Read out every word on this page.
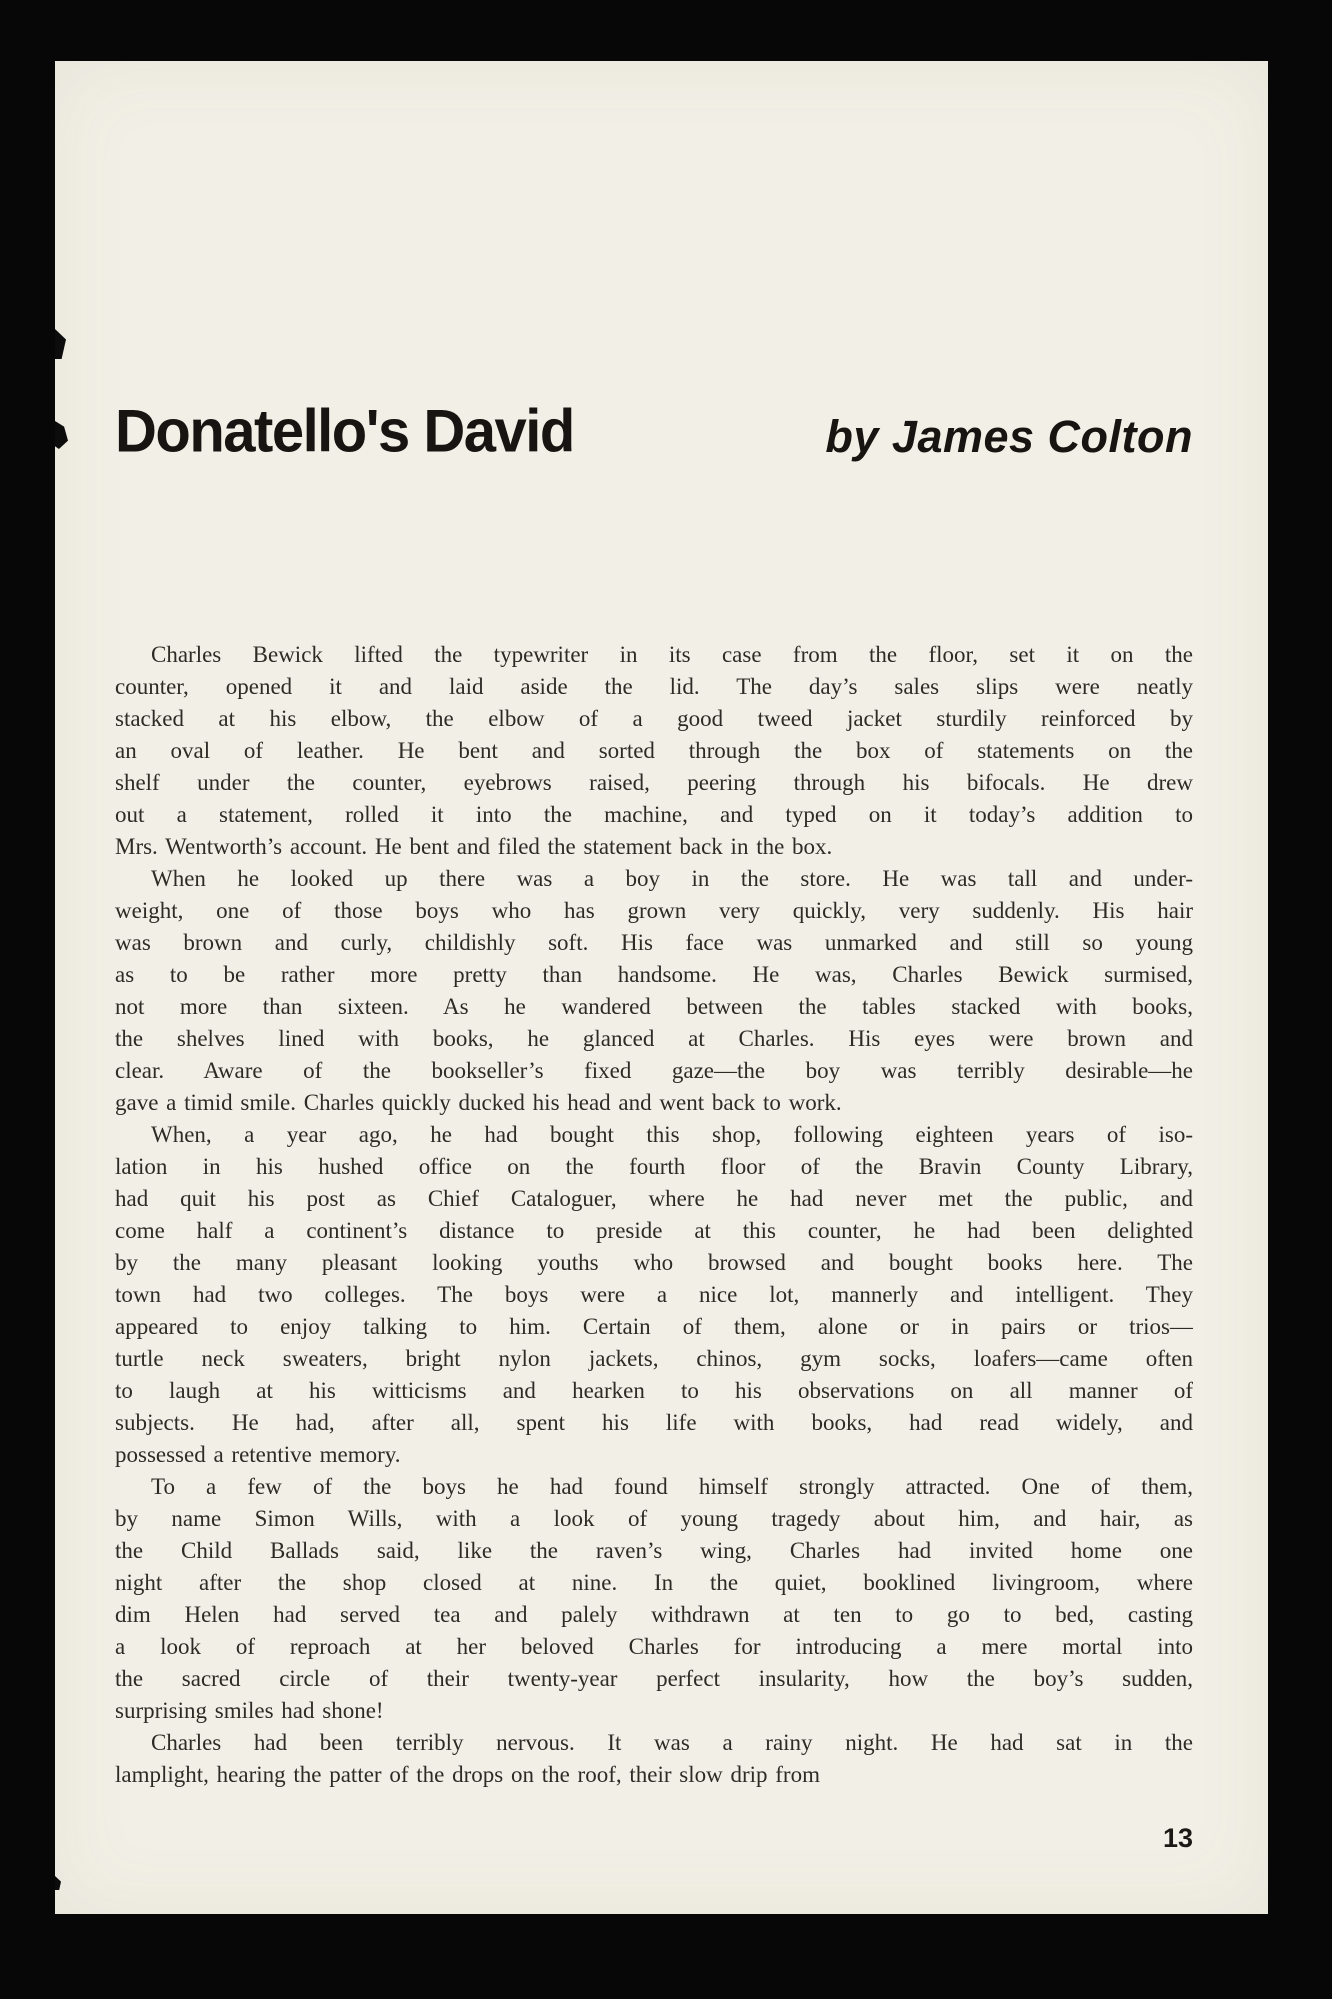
Donatello's David	by James Colton
Charles Bewick lifted the typewriter in its case from the floor, set it on the
counter, opened it and laid aside the lid. The day’s sales slips were neatly
stacked at his elbow, the elbow of a good tweed jacket sturdily reinforced by
an oval of leather. He bent and sorted through the box of statements on the
shelf under the counter, eyebrows raised, peering through his bifocals. He drew
out a statement, rolled it into the machine, and typed on it today’s addition to
Mrs. Wentworth’s account. He bent and filed the statement back in the box.
When he looked up there was a boy in the store. He was tall and under-
weight, one of those boys who has grown very quickly, very suddenly. His hair
was brown and curly, childishly soft. His face was unmarked and still so young
as to be rather more pretty than handsome. He was, Charles Bewick surmised,
not more than sixteen. As he wandered between the tables stacked with books,
the shelves lined with books, he glanced at Charles. His eyes were brown and
clear. Aware of the bookseller’s fixed gaze—the boy was terribly desirable—he
gave a timid smile. Charles quickly ducked his head and went back to work.
When, a year ago, he had bought this shop, following eighteen years of iso-
lation in his hushed office on the fourth floor of the Bravin County Library,
had quit his post as Chief Cataloguer, where he had never met the public, and
come half a continent’s distance to preside at this counter, he had been delighted
by the many pleasant looking youths who browsed and bought books here. The
town had two colleges. The boys were a nice lot, mannerly and intelligent. They
appeared to enjoy talking to him. Certain of them, alone or in pairs or trios—
turtle neck sweaters, bright nylon jackets, chinos, gym socks, loafers—came often
to laugh at his witticisms and hearken to his observations on all manner of
subjects. He had, after all, spent his life with books, had read widely, and
possessed a retentive memory.
To a few of the boys he had found himself strongly attracted. One of them,
by name Simon Wills, with a look of young tragedy about him, and hair, as
the Child Ballads said, like the raven’s wing, Charles had invited home one
night after the shop closed at nine. In the quiet, booklined livingroom, where
dim Helen had served tea and palely withdrawn at ten to go to bed, casting
a look of reproach at her beloved Charles for introducing a mere mortal into
the sacred circle of their twenty-year perfect insularity, how the boy’s sudden,
surprising smiles had shone!
Charles had been terribly nervous. It was a rainy night. He had sat in the
lamplight, hearing the patter of the drops on the roof, their slow drip from
13
